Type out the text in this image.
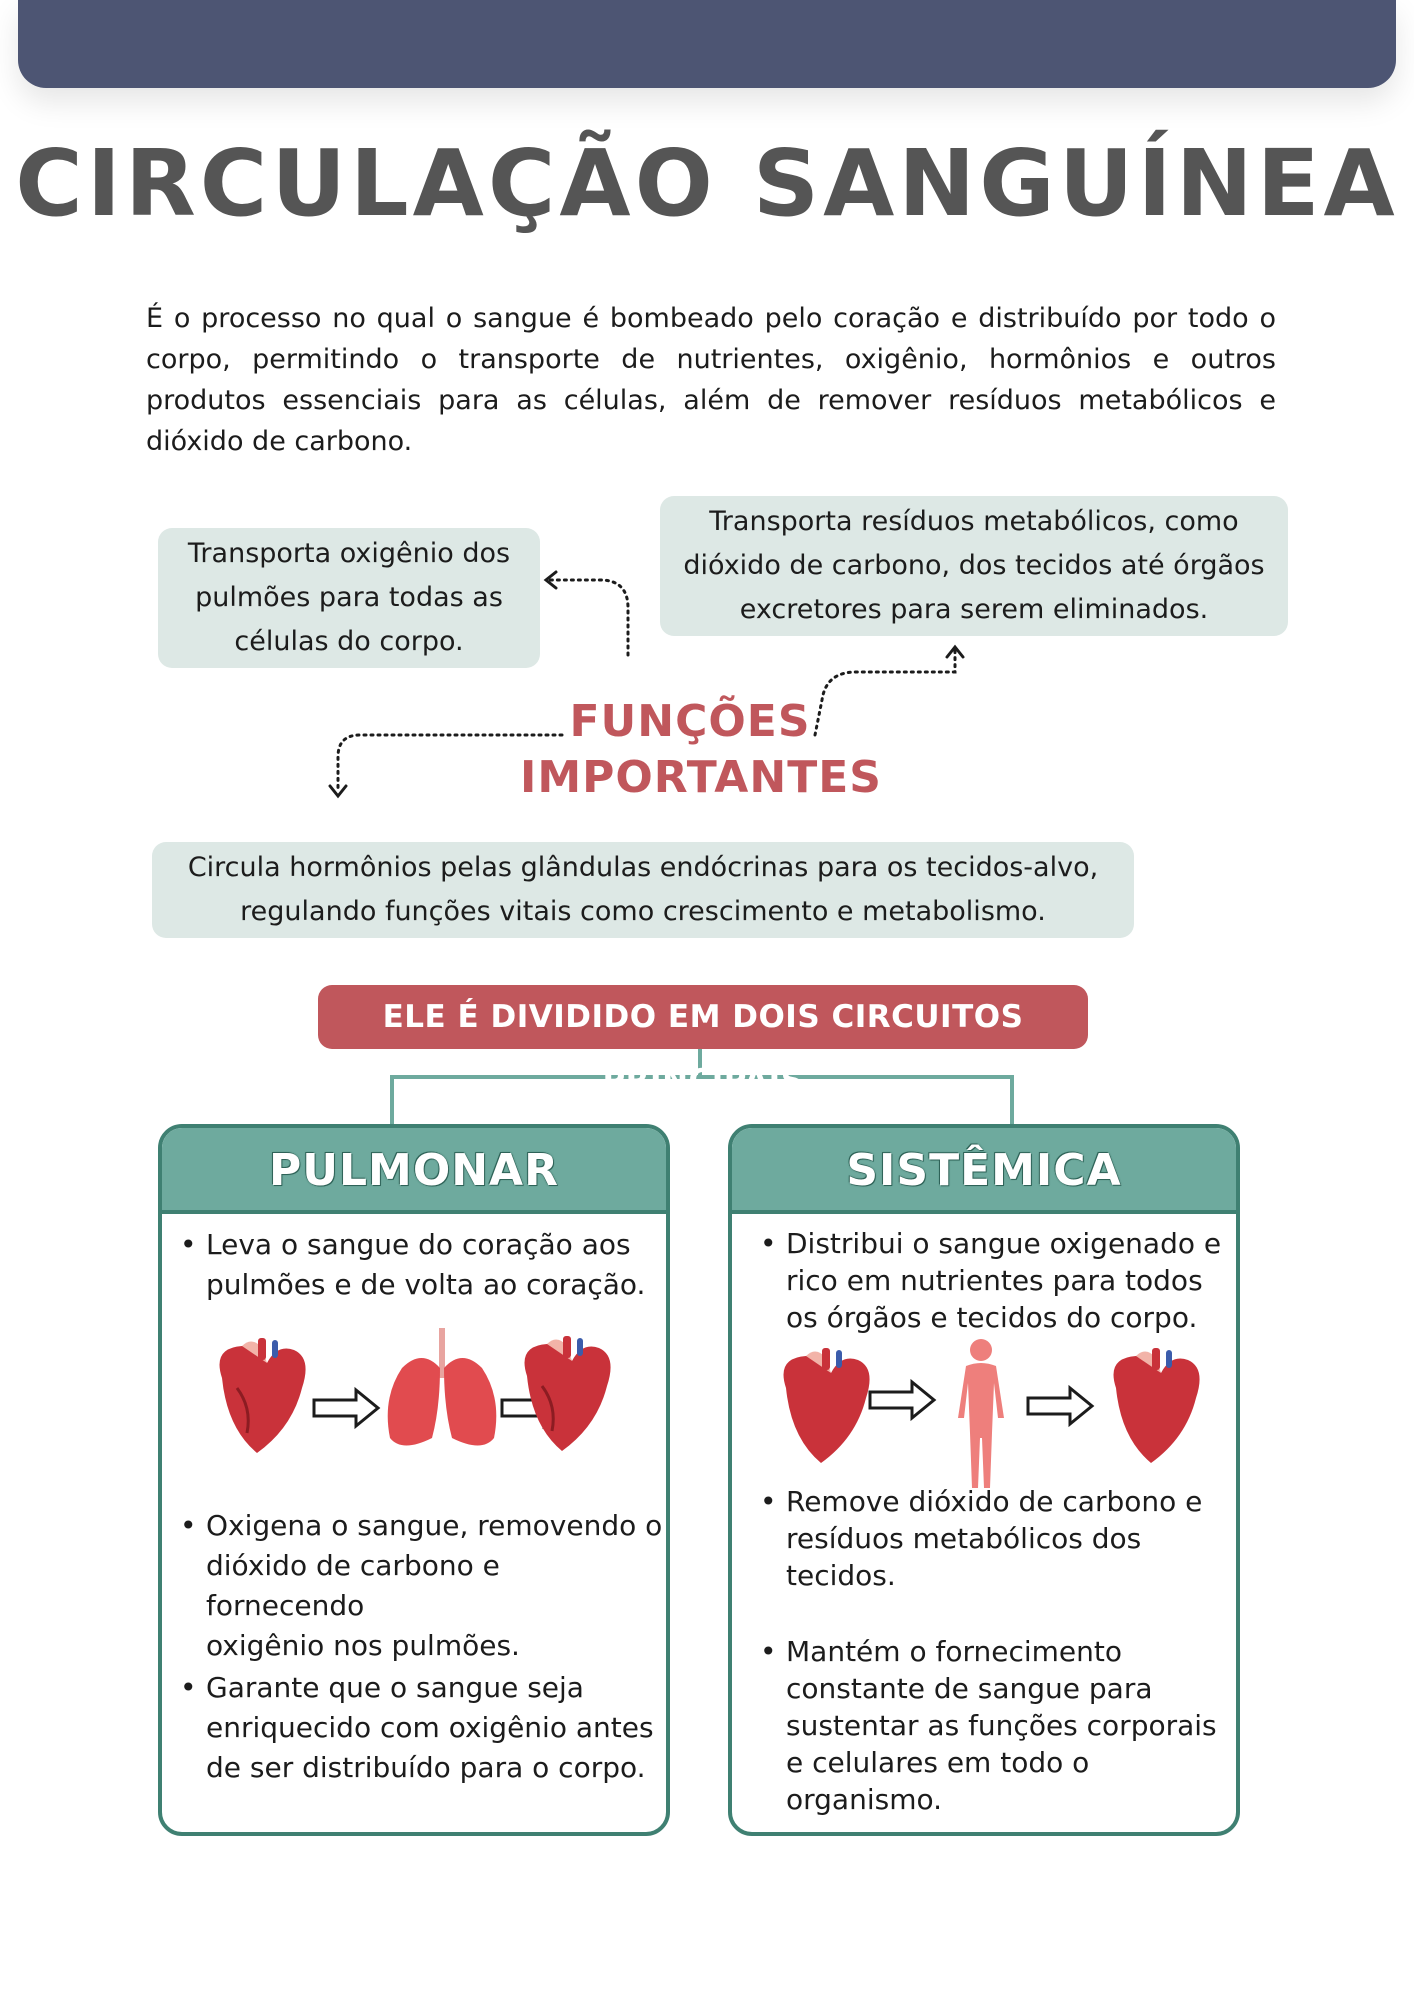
CIRCULAÇÃO SANGUÍNEA
É o processo no qual o sangue é bombeado pelo coração e distribuído por todo o corpo, permitindo o transporte de nutrientes, oxigênio, hormônios e outros produtos essenciais para as células, além de remover resíduos metabólicos e dióxido de carbono.
Transporta oxigênio dos
pulmões para todas as
células do corpo.
Transporta resíduos metabólicos, como
dióxido de carbono, dos tecidos até órgãos
excretores para serem eliminados.
Circula hormônios pelas glândulas endócrinas para os tecidos-alvo,
regulando funções vitais como crescimento e metabolismo.
FUNÇÕES
IMPORTANTES
ELE É DIVIDIDO EM DOIS CIRCUITOS PRINCIPAIS
PULMONAR
• Leva o sangue do coração aos
pulmões e de volta ao coração.
• Oxigena o sangue, removendo o
dióxido de carbono e fornecendo
oxigênio nos pulmões.
• Garante que o sangue seja
enriquecido com oxigênio antes
de ser distribuído para o corpo.
SISTÊMICA
• Distribui o sangue oxigenado e
rico em nutrientes para todos
os órgãos e tecidos do corpo.
• Remove dióxido de carbono e
resíduos metabólicos dos
tecidos.
• Mantém o fornecimento
constante de sangue para
sustentar as funções corporais
e celulares em todo o
organismo.
